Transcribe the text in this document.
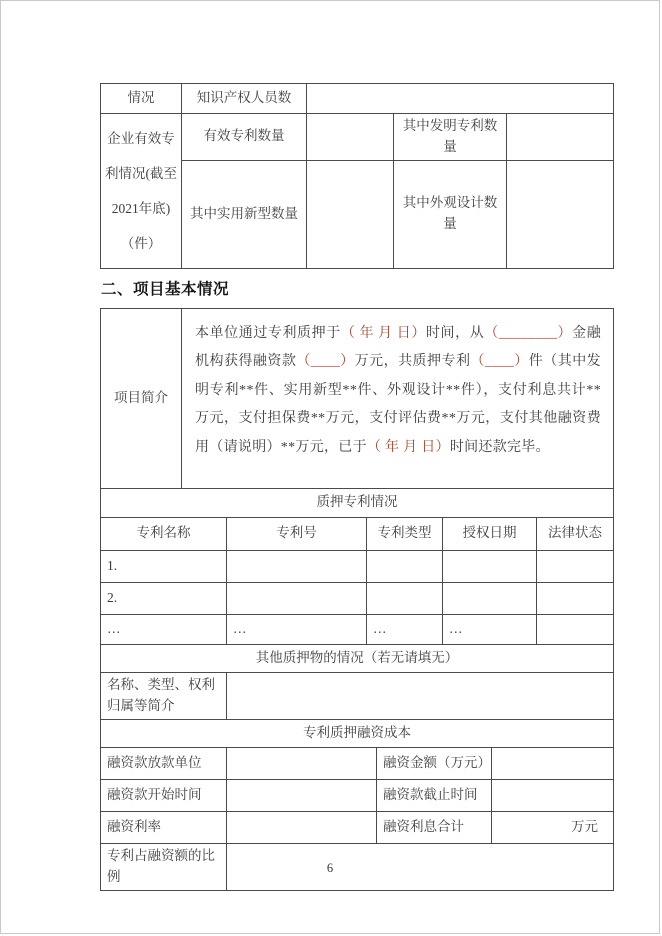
情况	知识产权人员数			
企业有效专利情况(截至2021年底)（件）	有效专利数量		其中发明专利数量	
	其中实用新型数量		其中外观设计数量	
二、项目基本情况
项目简介	
本单位通过专利质押于（ 年 月 日）时间，从（________）金融机构获得融资款（____）万元，共质押专利（____）件（其中发明专利**件、实用新型**件、外观设计**件），支付利息共计**万元，支付担保费**万元，支付评估费**万元，支付其他融资费用（请说明）**万元，已于（ 年 月 日）时间还款完毕。
质押专利情况				
专利名称	专利号	专利类型	授权日期	法律状态
1.				
2.				
…	…	…	…	
其他质押物的情况（若无请填无）				
名称、类型、权利归属等简介				
专利质押融资成本			
融资款放款单位		融资金额（万元）	
融资款开始时间		融资款截止时间	
融资利率		融资利息合计	万元
专利占融资额的比例			
6
